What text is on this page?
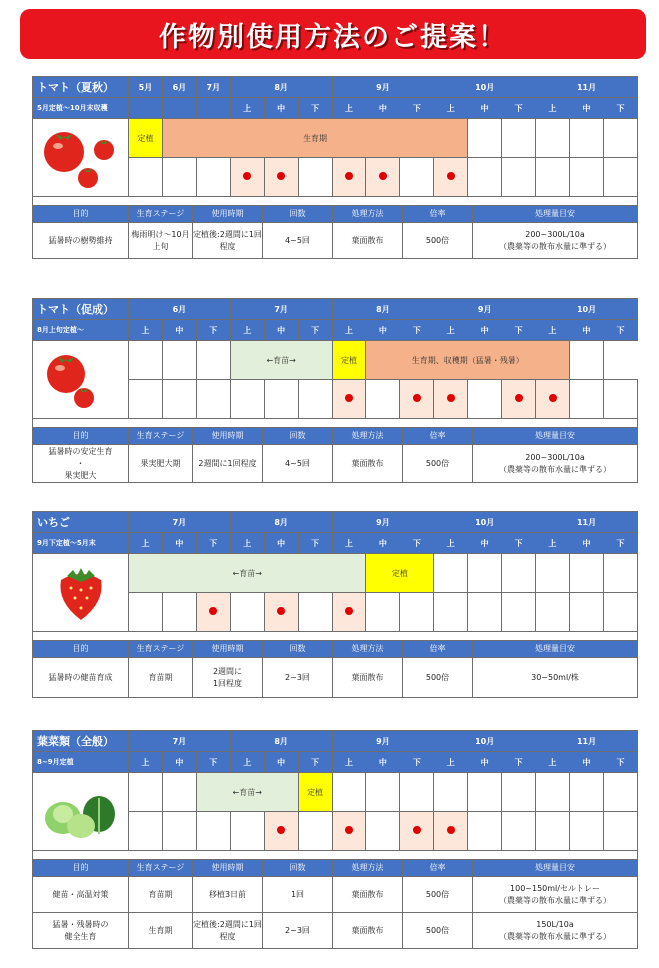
作物別使用方法のご提案！
トマト（夏秋）	5月	6月	7月	8月			9月			10月			11月		
5月定植～10月末収穫				上	中	下	上	中	下	上	中	下	上	中	下

	定植	生育期													

目的	生育ステージ	使用時期	回数	処理方法	倍率	処理量目安
猛暑時の樹勢維持	梅雨明け～10月上旬	定植後:2週間に1回程度	4~5回	葉面散布	500倍	200~300L/10a
（農薬等の散布水量に準ずる）
トマト（促成）	6月			7月			8月			9月			10月		
8月上旬定植～	上	中	下	上	中	下	上	中	下	上	中	下	上	中	下

				←育苗→			定植	生育期、収穫期（猛暑・残暑）							

目的	生育ステージ	使用時期	回数	処理方法	倍率	処理量目安
猛暑時の安定生育
・
果実肥大	果実肥大期	2週間に1回程度	4~5回	葉面散布	500倍	200~300L/10a
（農薬等の散布水量に準ずる）
いちご	7月			8月			9月			10月			11月		
9月下定植～5月末	上	中	下	上	中	下	上	中	下	上	中	下	上	中	下

	←育苗→							定植							

目的	生育ステージ	使用時期	回数	処理方法	倍率	処理量目安
猛暑時の健苗育成	育苗期	2週間に
1回程度	2~3回	葉面散布	500倍	30~50ml/株
葉菜類（全般）	7月			8月			9月			10月			11月		
8~9月定植	上	中	下	上	中	下	上	中	下	上	中	下	上	中	下

			←育苗→			定植									

目的	生育ステージ	使用時期	回数	処理方法	倍率	処理量目安
健苗・高温対策	育苗期	移植3日前	1回	葉面散布	500倍	100~150ml/セルトレー
（農薬等の散布水量に準ずる）
猛暑・残暑時の
健全生育	生育期	定植後:2週間に1回程度	2~3回	葉面散布	500倍	150L/10a
（農薬等の散布水量に準ずる）
